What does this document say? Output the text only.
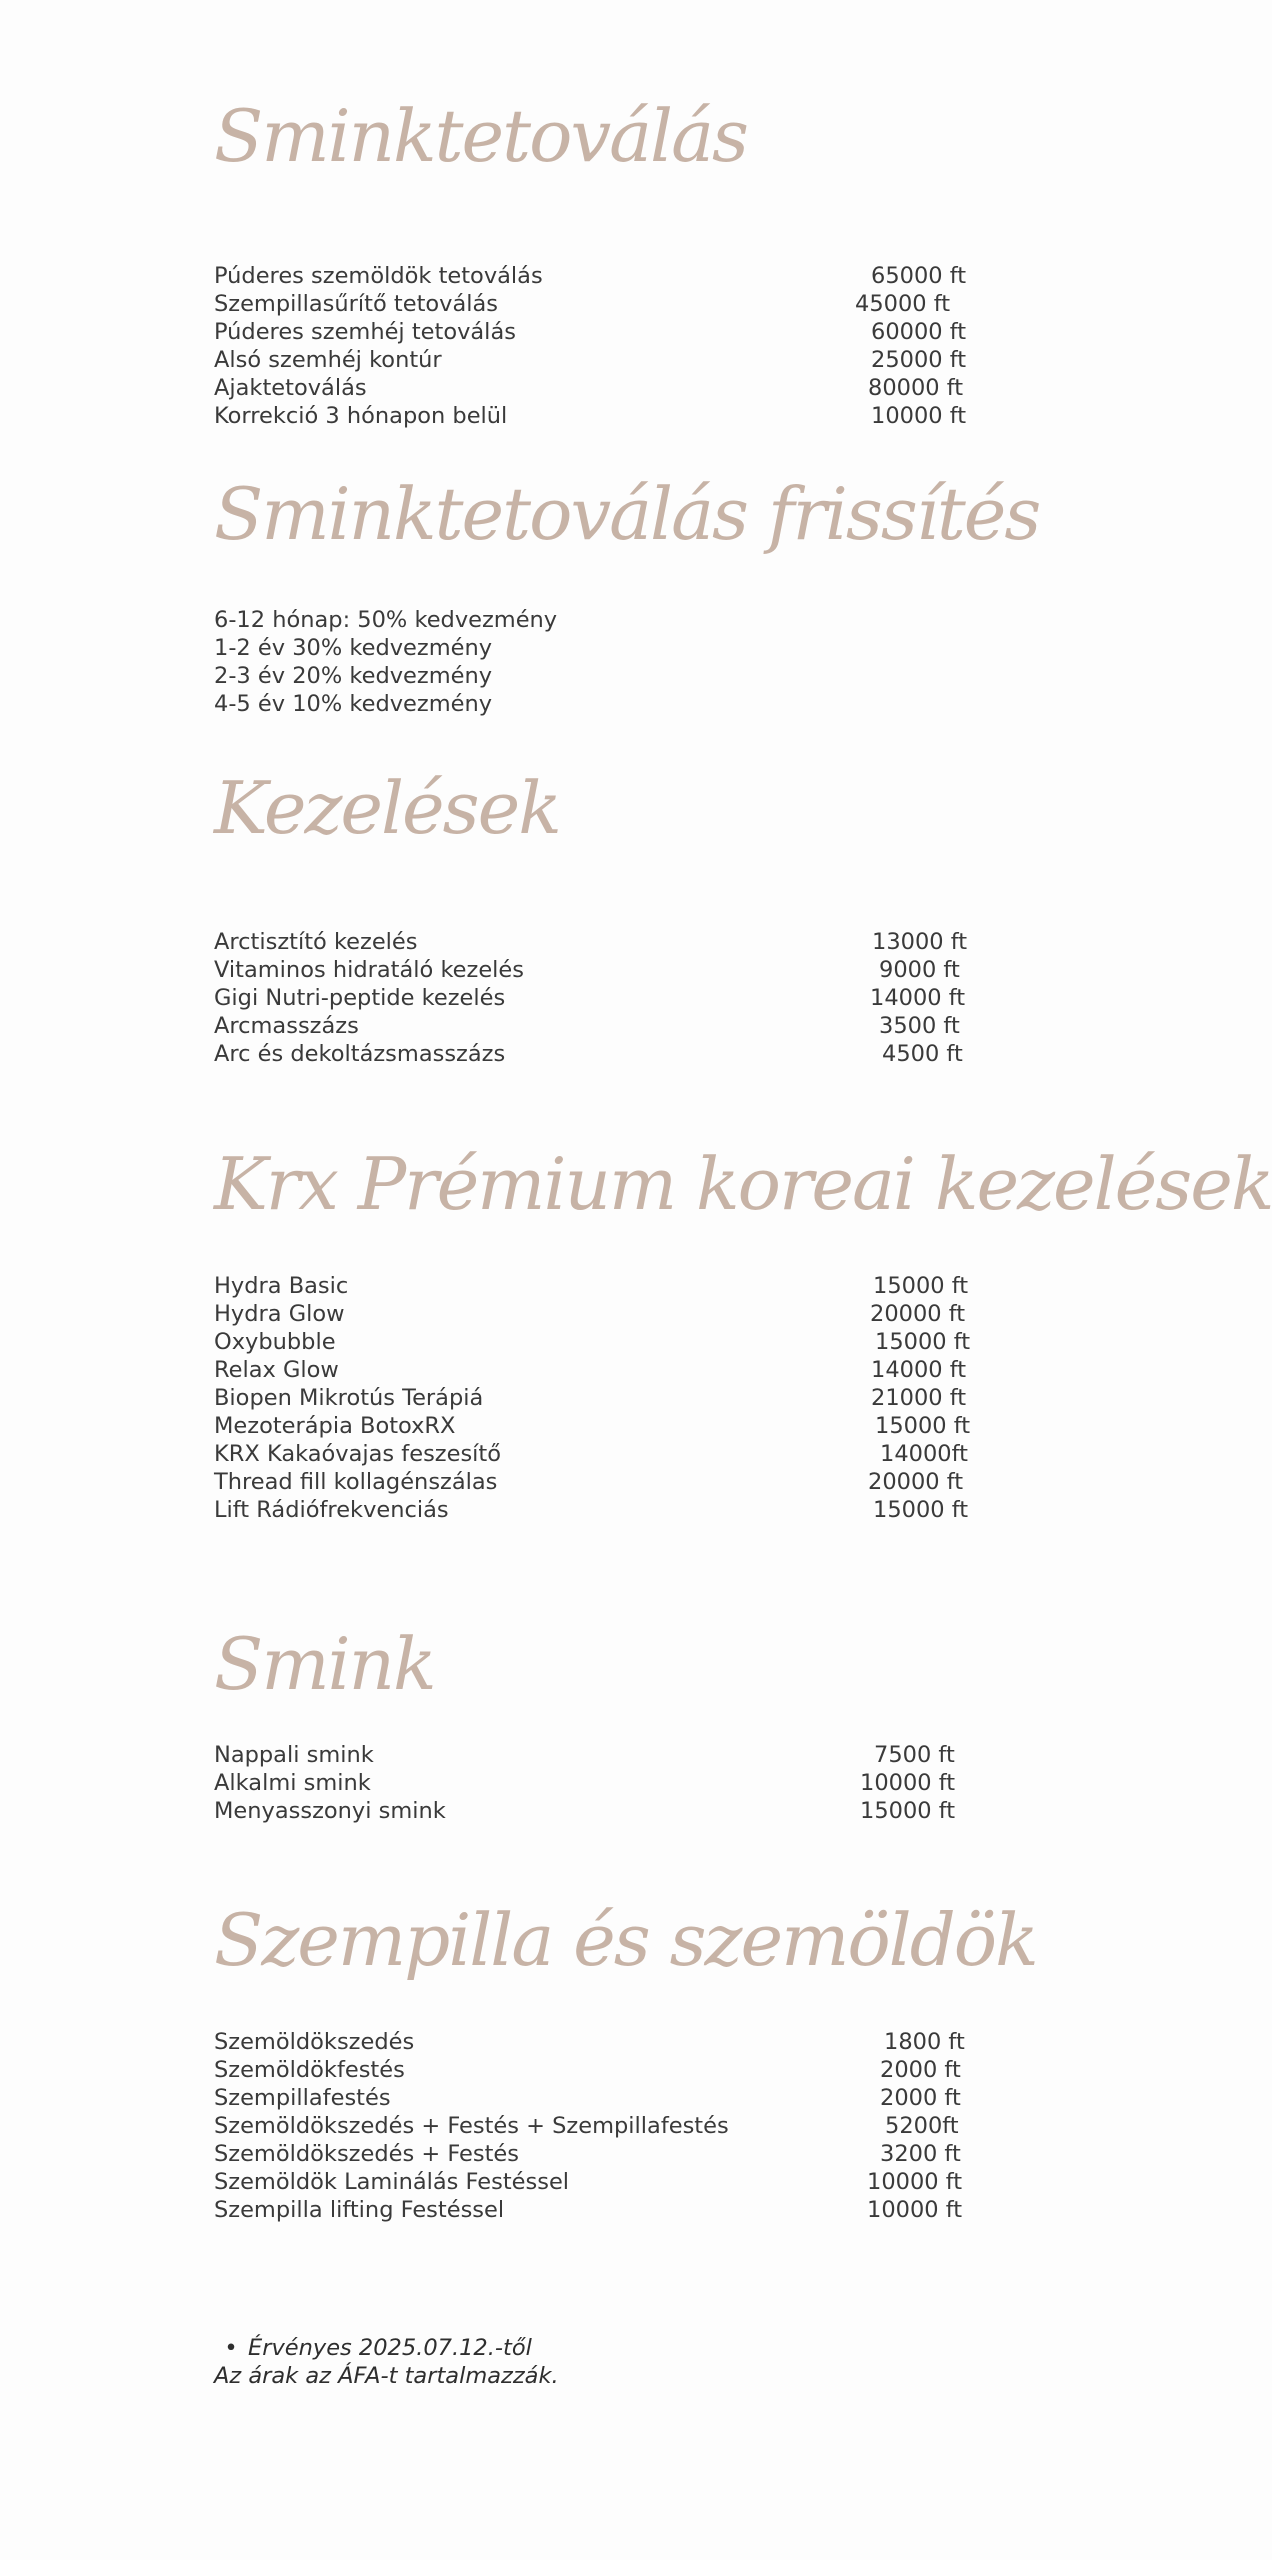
Sminktetoválás
Púderes szemöldök tetoválás	65000 ft
Szempillasűrítő tetoválás	45000 ft
Púderes szemhéj tetoválás	60000 ft
Alsó szemhéj kontúr	25000 ft
Ajaktetoválás	80000 ft
Korrekció 3 hónapon belül	10000 ft
Sminktetoválás frissítés
6-12 hónap: 50% kedvezmény
1-2 év 30% kedvezmény
2-3 év 20% kedvezmény
4-5 év 10% kedvezmény
Kezelések
Arctisztító kezelés	13000 ft
Vitaminos hidratáló kezelés	9000 ft
Gigi Nutri-peptide kezelés	14000 ft
Arcmasszázs	3500 ft
Arc és dekoltázsmasszázs	4500 ft
Krx Prémium koreai kezelések
Hydra Basic	15000 ft
Hydra Glow	20000 ft
Oxybubble	15000 ft
Relax Glow	14000 ft
Biopen Mikrotús Terápiá	21000 ft
Mezoterápia BotoxRX	15000 ft
KRX Kakaóvajas feszesítő	14000ft
Thread fill kollagénszálas	20000 ft
Lift Rádiófrekvenciás	15000 ft
Smink
Nappali smink	7500 ft
Alkalmi smink	10000 ft
Menyasszonyi smink	15000 ft
Szempilla és szemöldök
Szemöldökszedés	1800 ft
Szemöldökfestés	2000 ft
Szempillafestés	2000 ft
Szemöldökszedés + Festés + Szempillafestés	5200ft
Szemöldökszedés + Festés	3200 ft
Szemöldök Laminálás Festéssel	10000 ft
Szempilla lifting Festéssel	10000 ft
• Érvényes 2025.07.12.-től
Az árak az ÁFA-t tartalmazzák.
